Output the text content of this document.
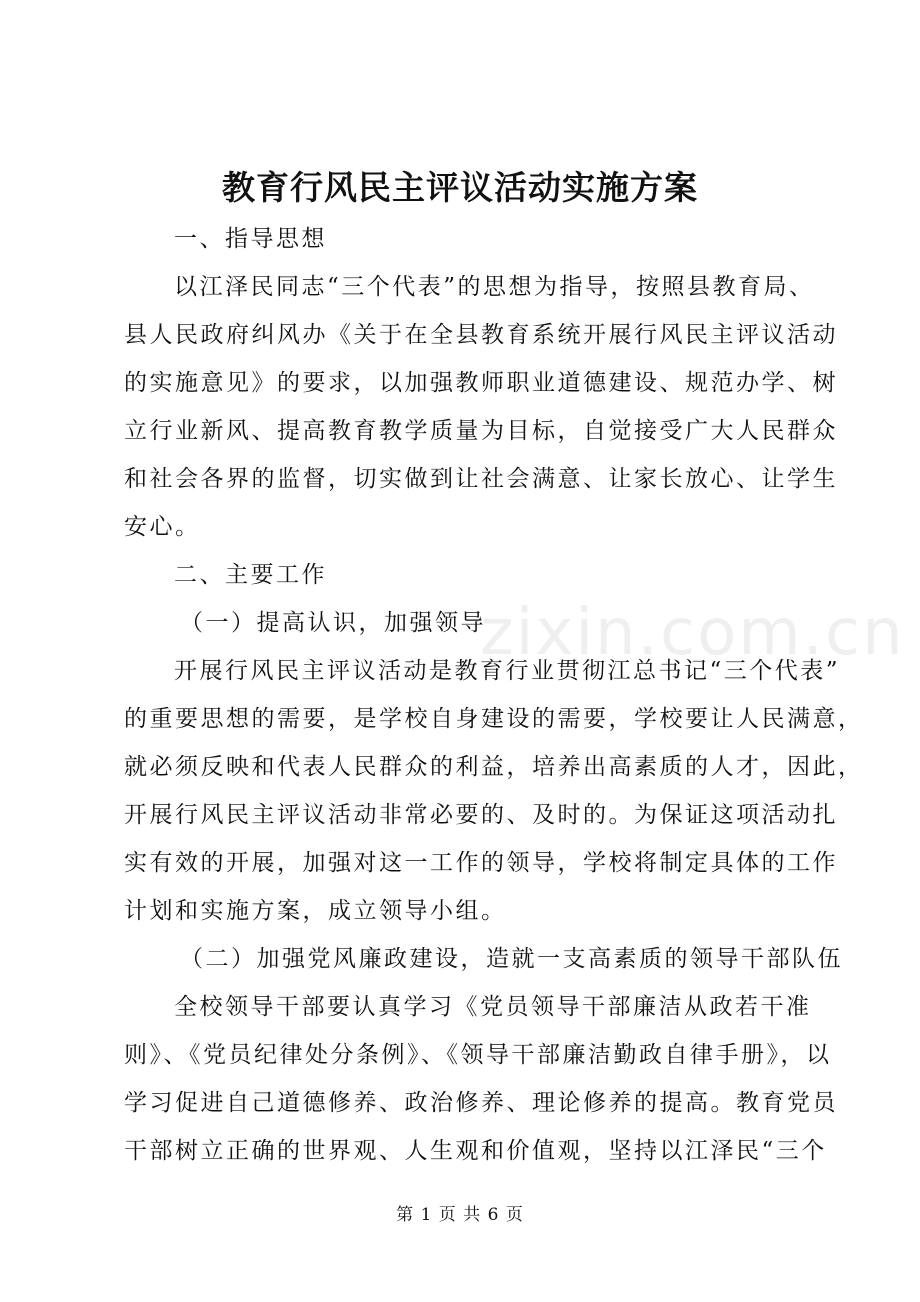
教育行风民主评议活动实施方案

一、指导思想

以江泽民同志“三个代表”的思想为指导，按照县教育局、

县人民政府纠风办《关于在全县教育系统开展行风民主评议活动

的实施意见》的要求，以加强教师职业道德建设、规范办学、树

立行业新风、提高教育教学质量为目标，自觉接受广大人民群众

和社会各界的监督，切实做到让社会满意、让家长放心、让学生

安心。

二、主要工作

（一）提高认识，加强领导

开展行风民主评议活动是教育行业贯彻江总书记“三个代表”

的重要思想的需要，是学校自身建设的需要，学校要让人民满意，

就必须反映和代表人民群众的利益，培养出高素质的人才，因此，

开展行风民主评议活动非常必要的、及时的。为保证这项活动扎

实有效的开展，加强对这一工作的领导，学校将制定具体的工作

计划和实施方案，成立领导小组。

（二）加强党风廉政建设，造就一支高素质的领导干部队伍

全校领导干部要认真学习《党员领导干部廉洁从政若干准

则》、《党员纪律处分条例》、《领导干部廉洁勤政自律手册》，以

学习促进自己道德修养、政治修养、理论修养的提高。教育党员

干部树立正确的世界观、人生观和价值观，坚持以江泽民“三个

zixin.com.cn
第 1 页 共 6 页
